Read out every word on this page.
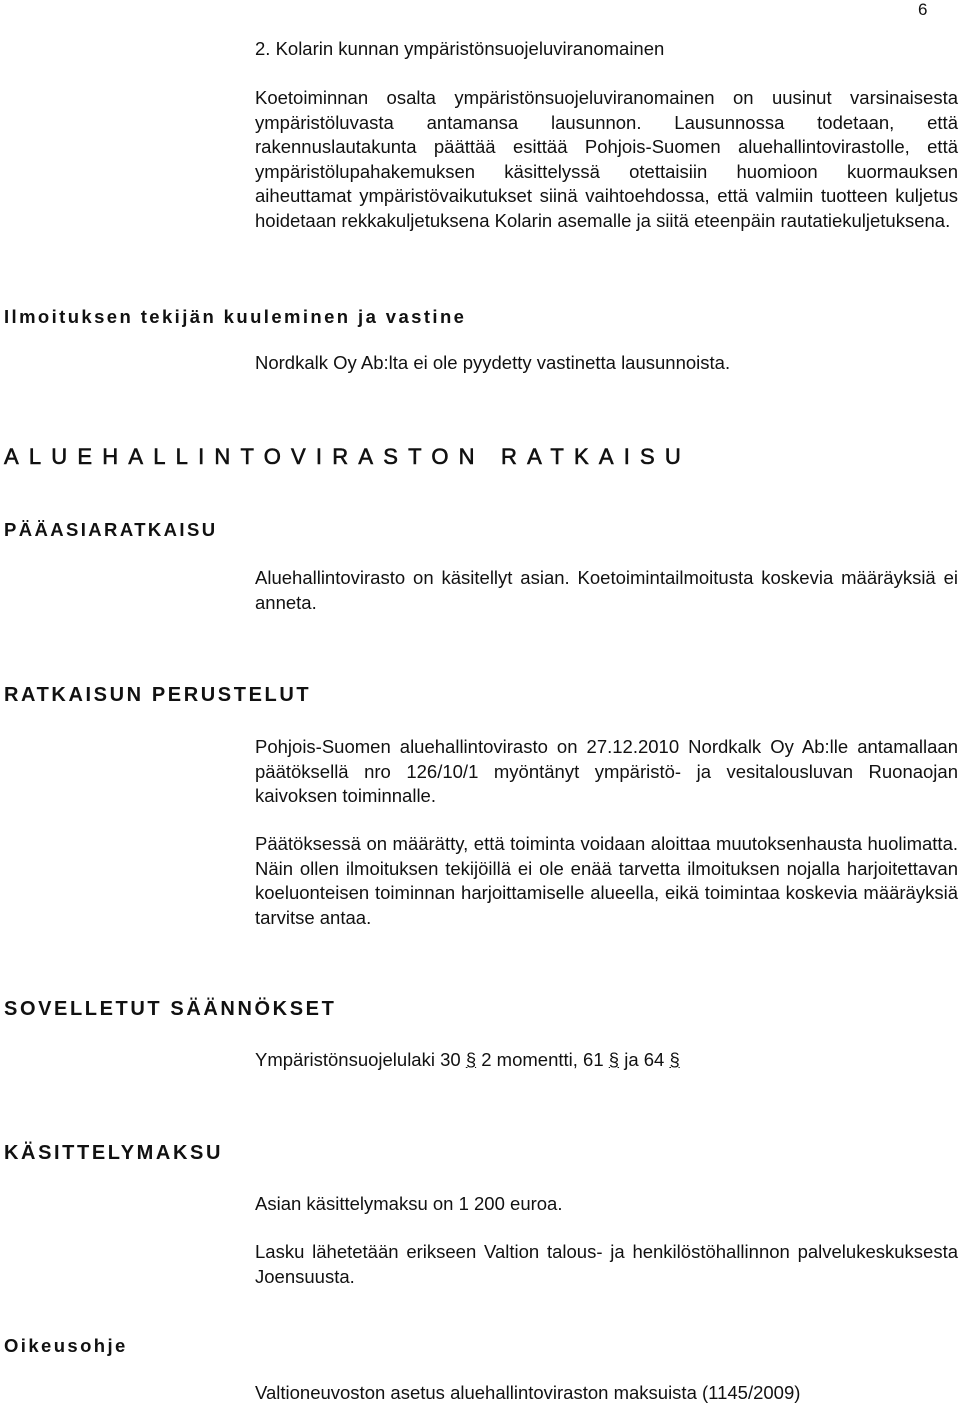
6
2. Kolarin kunnan ympäristönsuojeluviranomainen
Koetoiminnan osalta ympäristönsuojeluviranomainen on uusinut varsinaisesta ympäristöluvasta antamansa lausunnon. Lausunnossa todetaan, että rakennuslautakunta päättää esittää Pohjois-Suomen aluehallintovirastolle, että ympäristölupahakemuksen käsittelyssä otettaisiin huomioon kuormauksen aiheuttamat ympäristövaikutukset siinä vaihtoehdossa, että valmiin tuotteen kuljetus hoidetaan rekkakuljetuksena Kolarin asemalle ja siitä eteenpäin rautatiekuljetuksena.
Ilmoituksen tekijän kuuleminen ja vastine
Nordkalk Oy Ab:lta ei ole pyydetty vastinetta lausunnoista.
ALUEHALLINTOVIRASTON RATKAISU
PÄÄASIARATKAISU
Aluehallintovirasto on käsitellyt asian. Koetoimintailmoitusta koskevia määräyksiä ei anneta.
RATKAISUN PERUSTELUT
Pohjois-Suomen aluehallintovirasto on 27.12.2010 Nordkalk Oy Ab:lle antamallaan päätöksellä nro 126/10/1 myöntänyt ympäristö- ja vesitalousluvan Ruonaojan kaivoksen toiminnalle.
Päätöksessä on määrätty, että toiminta voidaan aloittaa muutoksenhausta huolimatta. Näin ollen ilmoituksen tekijöillä ei ole enää tarvetta ilmoituksen nojalla harjoitettavan koeluonteisen toiminnan harjoittamiselle alueella, eikä toimintaa koskevia määräyksiä tarvitse antaa.
SOVELLETUT SÄÄNNÖKSET
Ympäristönsuojelulaki 30 § 2 momentti, 61 § ja 64 §
KÄSITTELYMAKSU
Asian käsittelymaksu on 1 200 euroa.
Lasku lähetetään erikseen Valtion talous- ja henkilöstöhallinnon palvelukeskuksesta Joensuusta.
Oikeusohje
Valtioneuvoston asetus aluehallintoviraston maksuista (1145/2009)
